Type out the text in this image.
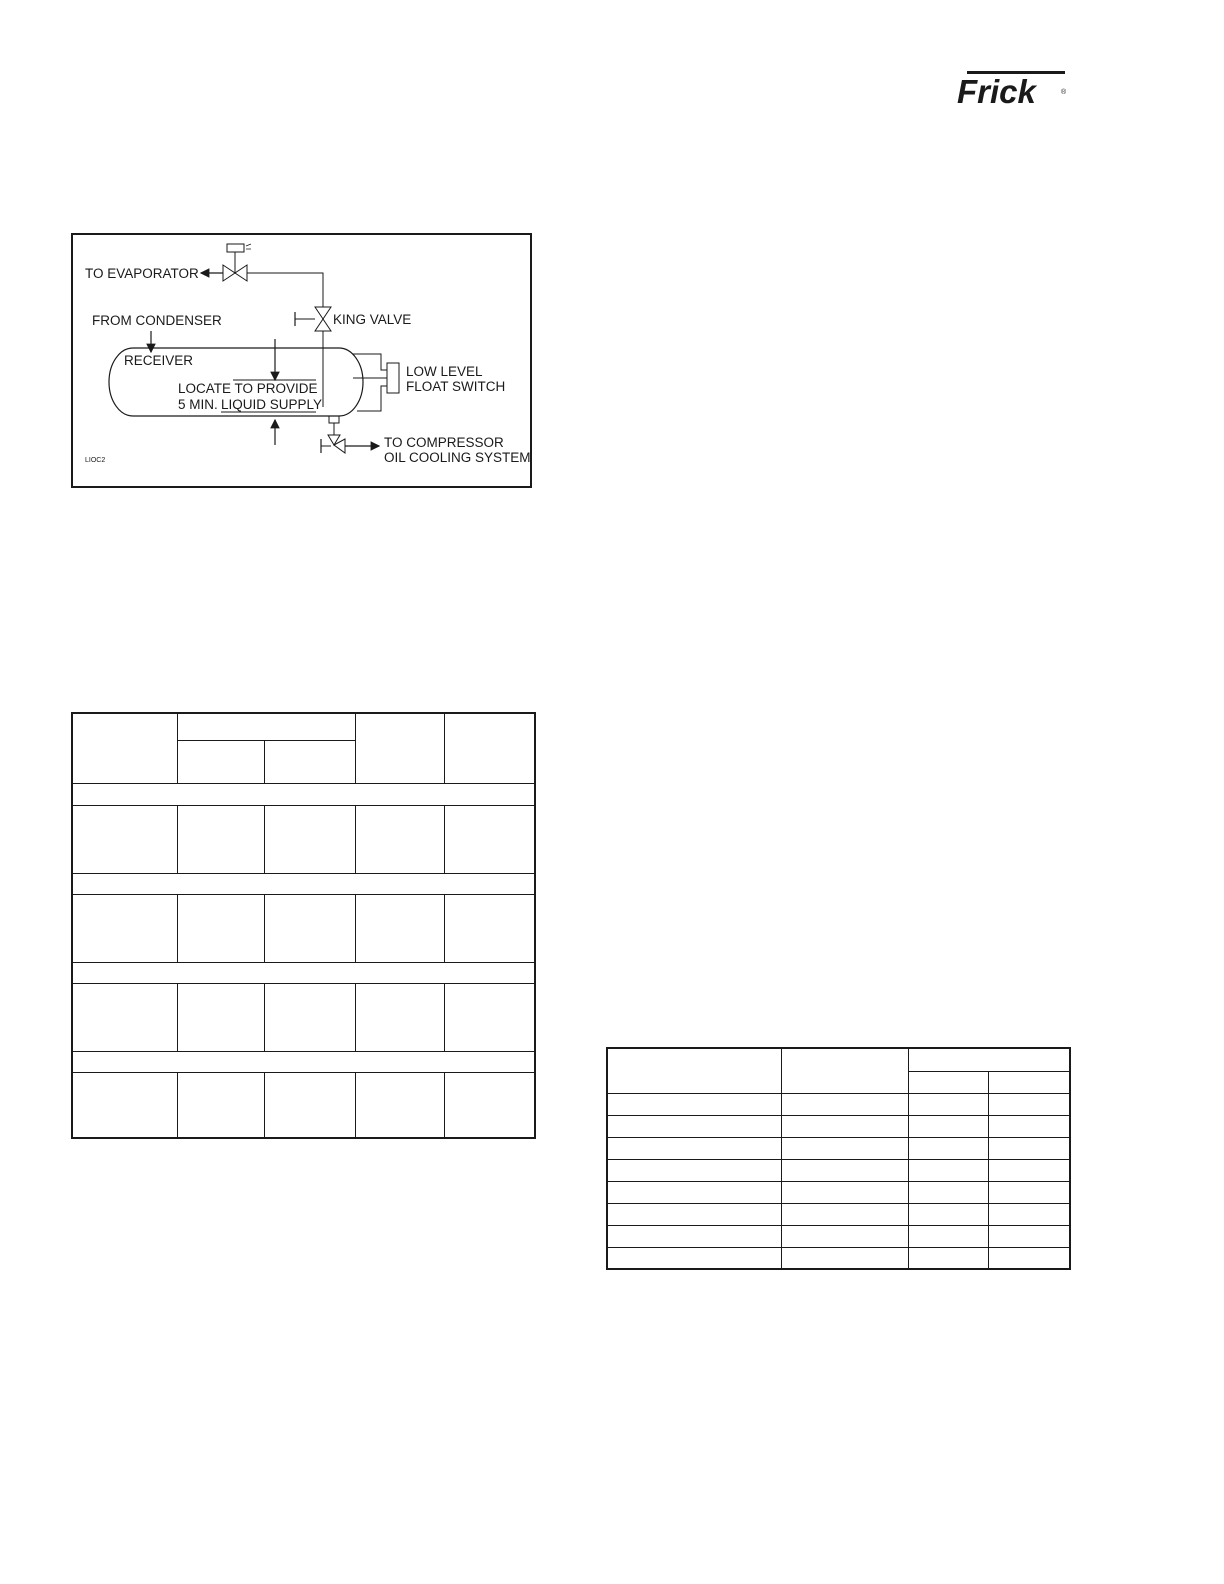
Frick	®
TO EVAPORATOR
KING VALVE
FROM CONDENSER
RECEIVER
LOCATE TO PROVIDE
5 MIN. LIQUID SUPPLY
LOW LEVEL
FLOAT SWITCH
TO COMPRESSOR
OIL COOLING SYSTEM
LIOC2
